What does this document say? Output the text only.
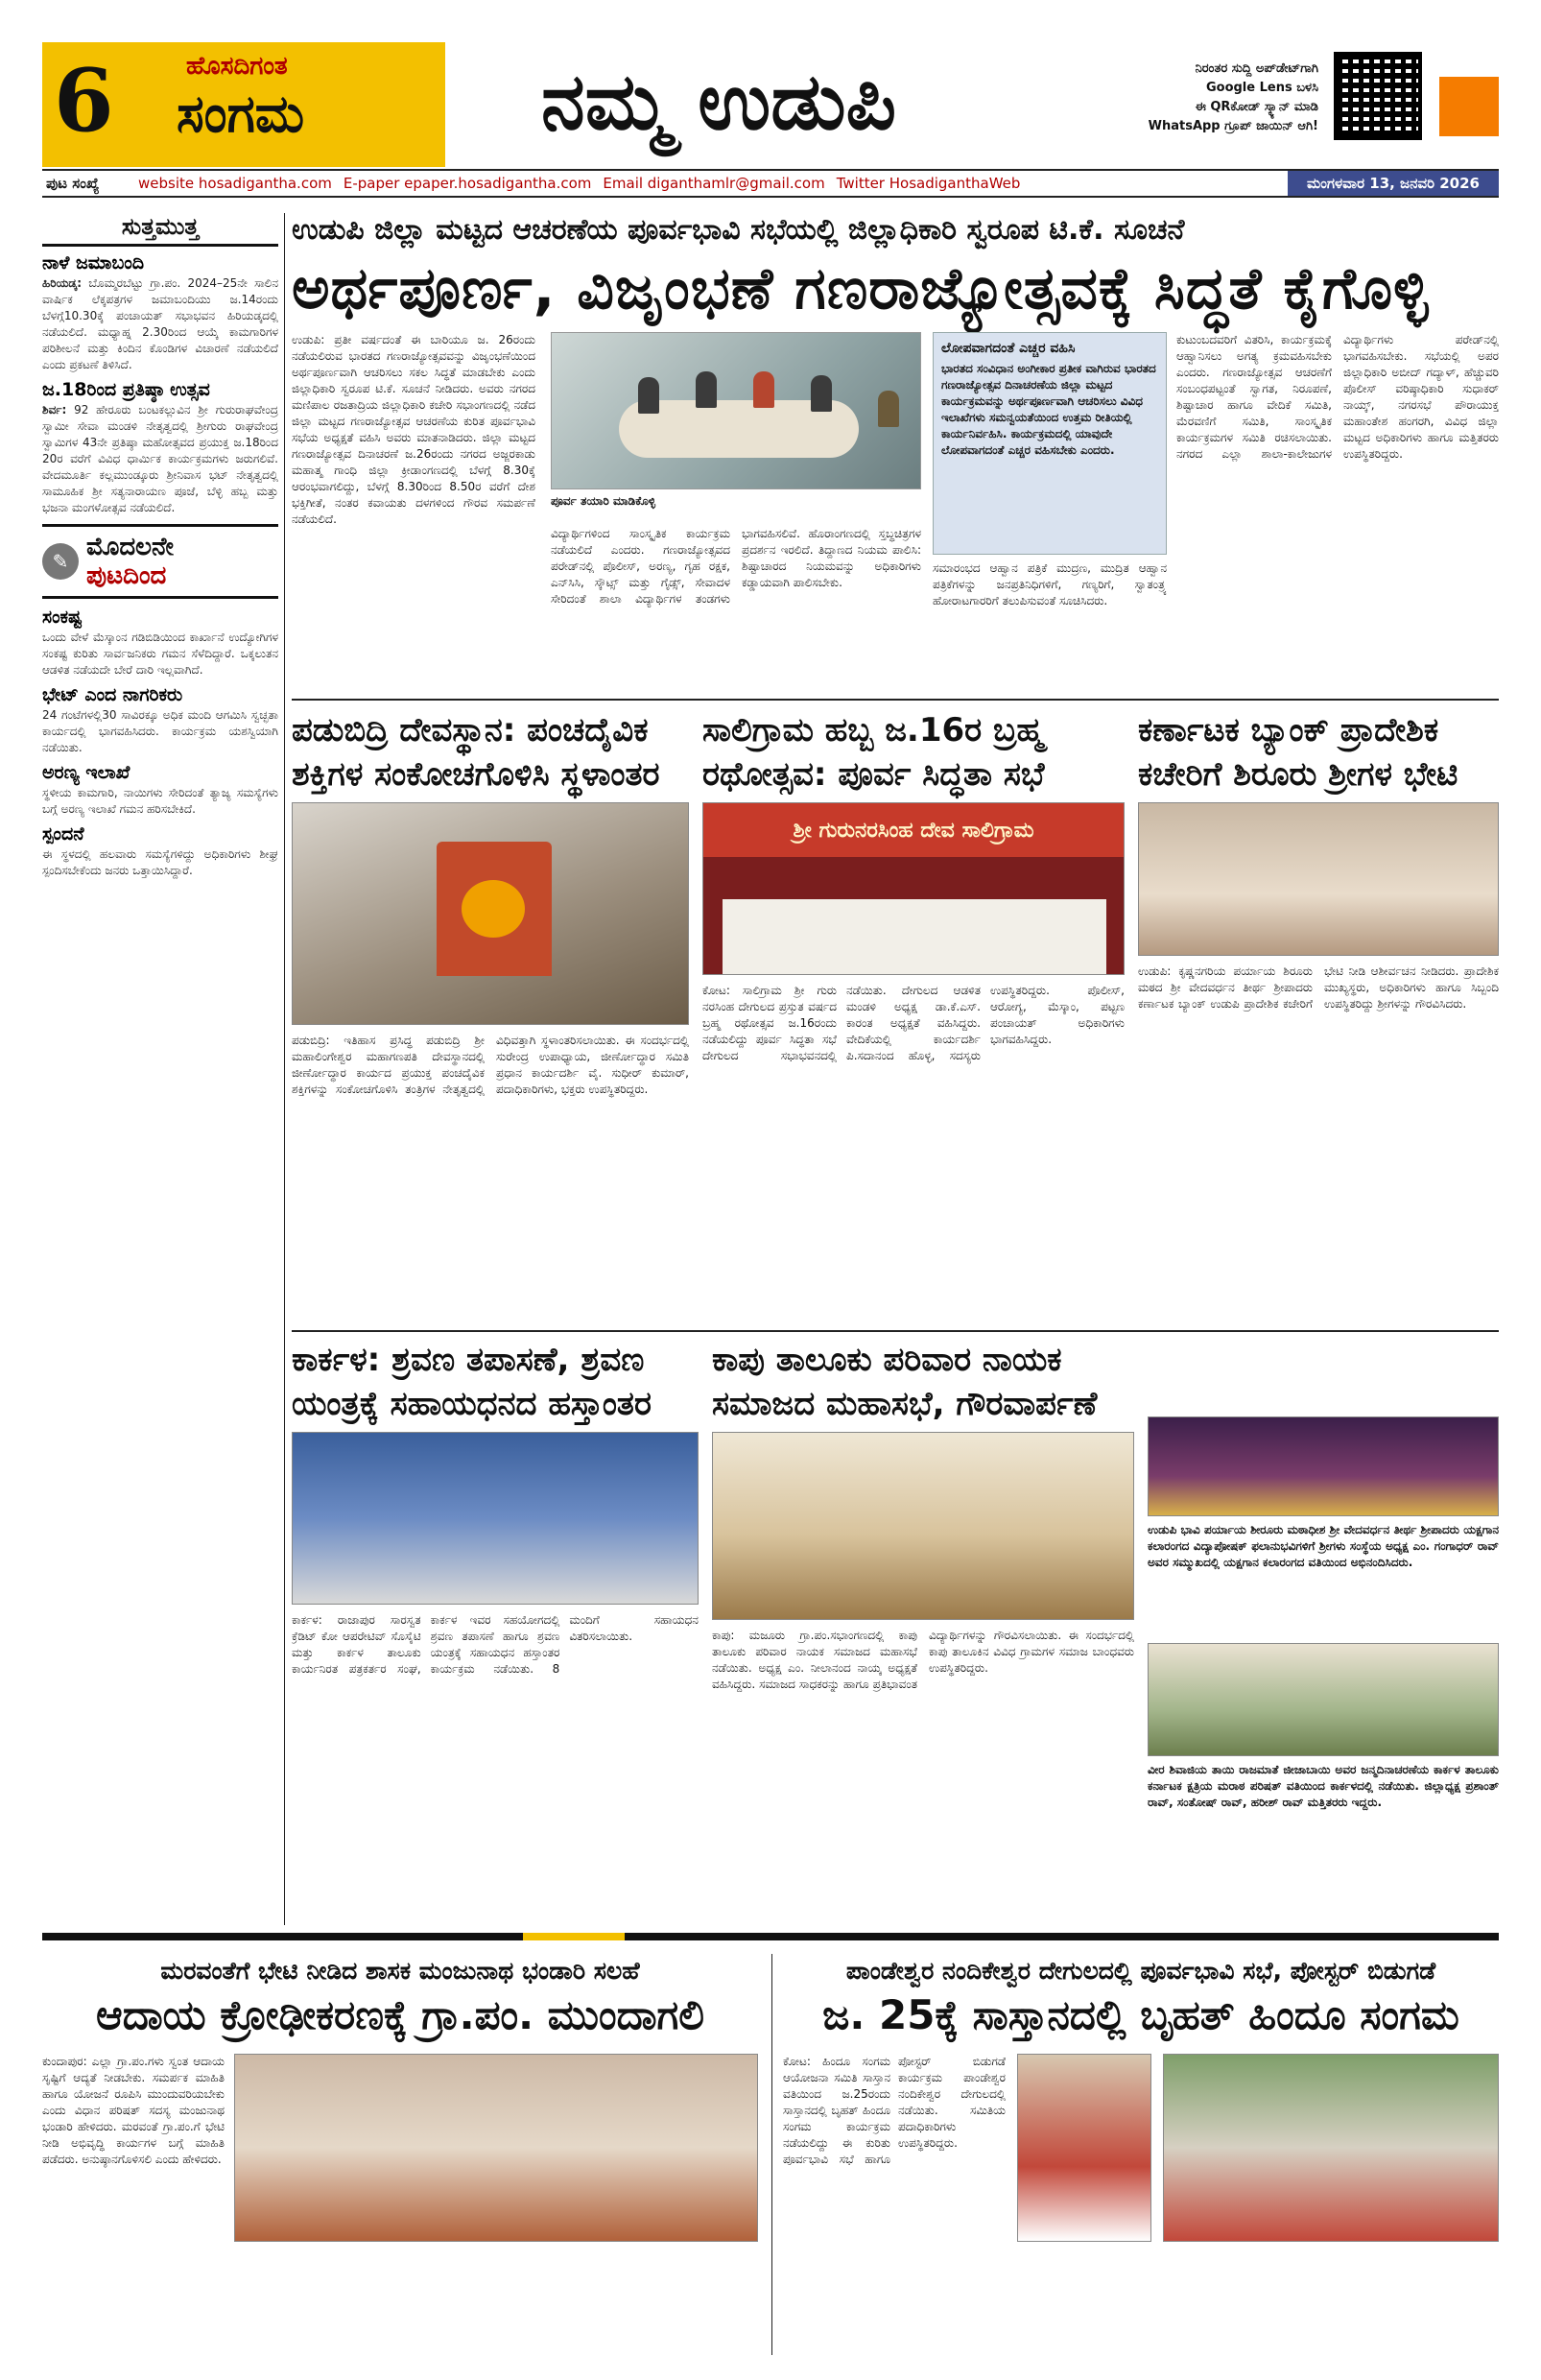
6	ಹೊಸದಿಗಂತ
ಸಂಗಮ	ನಮ್ಮ ಉಡುಪಿ	ನಿರಂತರ ಸುದ್ದಿ ಅಪ್‌ಡೇಟ್‌ಗಾಗಿ
Google Lens ಬಳಸಿ
ಈ QRಕೋಡ್ ಸ್ಕ್ಯಾನ್ ಮಾಡಿ
WhatsApp ಗ್ರೂಪ್ ಜಾಯಿನ್ ಆಗಿ!
ಪುಟ ಸಂಖ್ಯೆ	website hosadigantha.com E-paper epaper.hosadigantha.com Email diganthamlr@gmail.com Twitter HosadiganthaWeb	ಮಂಗಳವಾರ 13, ಜನವರಿ 2026
ಸುತ್ತಮುತ್ತ
ನಾಳೆ ಜಮಾಬಂದಿ

ಹಿರಿಯಡ್ಕ: ಬೊಮ್ಮರಬೆಟ್ಟು ಗ್ರಾ.ಪಂ. 2024–25ನೇ ಸಾಲಿನ ವಾರ್ಷಿಕ ಲೆಕ್ಕಪತ್ರಗಳ ಜಮಾಬಂದಿಯು ಜ.14ರಂದು ಬೆಳಗ್ಗೆ10.30ಕ್ಕೆ ಪಂಚಾಯತ್ ಸಭಾಭವನ ಹಿರಿಯಡ್ಕದಲ್ಲಿ ನಡೆಯಲಿದೆ. ಮಧ್ಯಾಹ್ನ 2.30ರಿಂದ ಆಯ್ಕೆ ಕಾಮಗಾರಿಗಳ ಪರಿಶೀಲನೆ ಮತ್ತು ಕಿಂದಿನ ಕೊಂಡಿಗಳ ವಿಚಾರಣೆ ನಡೆಯಲಿದೆ ಎಂದು ಪ್ರಕಟಣೆ ತಿಳಿಸಿದೆ.

ಜ.18ರಿಂದ ಪ್ರತಿಷ್ಠಾ ಉತ್ಸವ

ಶಿರ್ವ: 92 ಹೇರೂರು ಬಂಟಕಲ್ಲುವಿನ ಶ್ರೀ ಗುರುರಾಘವೇಂದ್ರ ಸ್ವಾಮೀ ಸೇವಾ ಮಂಡಳಿ ನೇತೃತ್ವದಲ್ಲಿ ಶ್ರೀಗುರು ರಾಘವೇಂದ್ರ ಸ್ವಾಮಿಗಳ 43ನೇ ಪ್ರತಿಷ್ಠಾ ಮಹೋತ್ಸವದ ಪ್ರಯುಕ್ತ ಜ.18ರಿಂದ 20ರ ವರೆಗೆ ವಿವಿಧ ಧಾರ್ಮಿಕ ಕಾರ್ಯಕ್ರಮಗಳು ಜರುಗಲಿವೆ. ವೇದಮೂರ್ತಿ ಕಲ್ಲಮುಂಡ್ಕೂರು ಶ್ರೀನಿವಾಸ ಭಟ್ ನೇತೃತ್ವದಲ್ಲಿ ಸಾಮೂಹಿಕ ಶ್ರೀ ಸತ್ಯನಾರಾಯಣ ಪೂಜೆ, ಬೆಳ್ಳಿ ಹಬ್ಬ ಮತ್ತು ಭಜನಾ ಮಂಗಳೋತ್ಸವ ನಡೆಯಲಿದೆ.

✎ ಮೊದಲನೇ
ಪುಟದಿಂದ
ಸಂಕಷ್ಟ

ಒಂದು ವೇಳೆ ಮೆಸ್ಕಾಂನ ಗಡಿಬಿಡಿಯಿಂದ ಕಾರ್ಖಾನೆ ಉದ್ಯೋಗಿಗಳ ಸಂಕಷ್ಟ ಕುರಿತು ಸಾರ್ವಜನಿಕರು ಗಮನ ಸೆಳೆದಿದ್ದಾರೆ. ಒಕ್ಕಲುತನ ಆಡಳಿತ ನಡೆಯದೇ ಬೇರೆ ದಾರಿ ಇಲ್ಲವಾಗಿದೆ.

ಭೇಟ್ ಎಂದ ನಾಗರಿಕರು

24 ಗಂಟೆಗಳಲ್ಲಿ30 ಸಾವಿರಕ್ಕೂ ಅಧಿಕ ಮಂದಿ ಆಗಮಿಸಿ ಸ್ವಚ್ಛತಾ ಕಾರ್ಯದಲ್ಲಿ ಭಾಗವಹಿಸಿದರು. ಕಾರ್ಯಕ್ರಮ ಯಶಸ್ವಿಯಾಗಿ ನಡೆಯಿತು.

ಅರಣ್ಯ ಇಲಾಖೆ

ಸ್ಥಳೀಯ ಕಾಮಗಾರಿ, ನಾಯಿಗಳು ಸೇರಿದಂತೆ ತ್ಯಾಜ್ಯ ಸಮಸ್ಯೆಗಳು ಬಗ್ಗೆ ಅರಣ್ಯ ಇಲಾಖೆ ಗಮನ ಹರಿಸಬೇಕಿದೆ.

ಸ್ಪಂದನೆ

ಈ ಸ್ಥಳದಲ್ಲಿ ಹಲವಾರು ಸಮಸ್ಯೆಗಳಿದ್ದು ಅಧಿಕಾರಿಗಳು ಶೀಘ್ರ ಸ್ಪಂದಿಸಬೇಕೆಂದು ಜನರು ಒತ್ತಾಯಿಸಿದ್ದಾರೆ.

ಉಡುಪಿ ಜಿಲ್ಲಾ ಮಟ್ಟದ ಆಚರಣೆಯ ಪೂರ್ವಭಾವಿ ಸಭೆಯಲ್ಲಿ ಜಿಲ್ಲಾಧಿಕಾರಿ ಸ್ವರೂಪ ಟಿ.ಕೆ. ಸೂಚನೆ
ಅರ್ಥಪೂರ್ಣ, ವಿಜೃಂಭಣೆ ಗಣರಾಜ್ಯೋತ್ಸವಕ್ಕೆ ಸಿದ್ಧತೆ ಕೈಗೊಳ್ಳಿ
ಉಡುಪಿ: ಪ್ರತೀ ವರ್ಷದಂತೆ ಈ ಬಾರಿಯೂ ಜ. 26ರಂದು ನಡೆಯಲಿರುವ ಭಾರತದ ಗಣರಾಜ್ಯೋತ್ಸವವನ್ನು ವಿಜೃಂಭಣೆಯಿಂದ ಅರ್ಥಪೂರ್ಣವಾಗಿ ಆಚರಿಸಲು ಸಕಲ ಸಿದ್ಧತೆ ಮಾಡಬೇಕು ಎಂದು ಜಿಲ್ಲಾಧಿಕಾರಿ ಸ್ವರೂಪ ಟಿ.ಕೆ. ಸೂಚನೆ ನೀಡಿದರು. ಅವರು ನಗರದ ಮಣಿಪಾಲ ರಜತಾದ್ರಿಯ ಜಿಲ್ಲಾಧಿಕಾರಿ ಕಚೇರಿ ಸಭಾಂಗಣದಲ್ಲಿ ನಡೆದ ಜಿಲ್ಲಾ ಮಟ್ಟದ ಗಣರಾಜ್ಯೋತ್ಸವ ಆಚರಣೆಯ ಕುರಿತ ಪೂರ್ವಭಾವಿ ಸಭೆಯ ಅಧ್ಯಕ್ಷತೆ ವಹಿಸಿ ಅವರು ಮಾತನಾಡಿದರು. ಜಿಲ್ಲಾ ಮಟ್ಟದ ಗಣರಾಜ್ಯೋತ್ಸವ ದಿನಾಚರಣೆ ಜ.26ರಂದು ನಗರದ ಅಜ್ಜರಕಾಡು ಮಹಾತ್ಮ ಗಾಂಧಿ ಜಿಲ್ಲಾ ಕ್ರೀಡಾಂಗಣದಲ್ಲಿ ಬೆಳಗ್ಗೆ 8.30ಕ್ಕೆ ಆರಂಭವಾಗಲಿದ್ದು, ಬೆಳಗ್ಗೆ 8.30ರಿಂದ 8.50ರ ವರೆಗೆ ದೇಶ ಭಕ್ತಿಗೀತೆ, ನಂತರ ಕವಾಯತು ದಳಗಳಿಂದ ಗೌರವ ಸಮರ್ಪಣೆ ನಡೆಯಲಿದೆ.
ಪೂರ್ವ ತಯಾರಿ ಮಾಡಿಕೊಳ್ಳಿ
ವಿದ್ಯಾರ್ಥಿಗಳಿಂದ ಸಾಂಸ್ಕೃತಿಕ ಕಾರ್ಯಕ್ರಮ ನಡೆಯಲಿದೆ ಎಂದರು. ಗಣರಾಜ್ಯೋತ್ಸವದ ಪರೇಡ್‌ನಲ್ಲಿ ಪೊಲೀಸ್, ಅರಣ್ಯ, ಗೃಹ ರಕ್ಷಕ, ಎನ್‌ಸಿಸಿ, ಸ್ಕೌಟ್ಸ್ ಮತ್ತು ಗೈಡ್ಸ್, ಸೇವಾದಳ ಸೇರಿದಂತೆ ಶಾಲಾ ವಿದ್ಯಾರ್ಥಿಗಳ ತಂಡಗಳು ಭಾಗವಹಿಸಲಿವೆ. ಹೊರಾಂಗಣದಲ್ಲಿ ಸ್ತಬ್ಧಚಿತ್ರಗಳ ಪ್ರದರ್ಶನ ಇರಲಿದೆ. ತಿದ್ದಾಣದ ನಿಯಮ ಪಾಲಿಸಿ: ಶಿಷ್ಟಾಚಾರದ ನಿಯಮವನ್ನು ಅಧಿಕಾರಿಗಳು ಕಡ್ಡಾಯವಾಗಿ ಪಾಲಿಸಬೇಕು.
ಲೋಪವಾಗದಂತೆ ಎಚ್ಚರ ವಹಿಸಿ
ಭಾರತದ ಸಂವಿಧಾನ ಅಂಗೀಕಾರ ಪ್ರತೀಕ ವಾಗಿರುವ ಭಾರತದ ಗಣರಾಜ್ಯೋತ್ಸವ ದಿನಾಚರಣೆಯ ಜಿಲ್ಲಾ ಮಟ್ಟದ ಕಾರ್ಯಕ್ರಮವನ್ನು ಅರ್ಥಪೂರ್ಣವಾಗಿ ಆಚರಿಸಲು ವಿವಿಧ ಇಲಾಖೆಗಳು ಸಮನ್ವಯತೆಯಿಂದ ಉತ್ತಮ ರೀತಿಯಲ್ಲಿ ಕಾರ್ಯನಿರ್ವಹಿಸಿ. ಕಾರ್ಯಕ್ರಮದಲ್ಲಿ ಯಾವುದೇ ಲೋಪವಾಗದಂತೆ ಎಚ್ಚರ ವಹಿಸಬೇಕು ಎಂದರು.
ಸಮಾರಂಭದ ಆಹ್ವಾನ ಪತ್ರಿಕೆ ಮುದ್ರಣ, ಮುದ್ರಿತ ಆಹ್ವಾನ ಪತ್ರಿಕೆಗಳನ್ನು ಜನಪ್ರತಿನಿಧಿಗಳಿಗೆ, ಗಣ್ಯರಿಗೆ, ಸ್ವಾತಂತ್ರ್ಯ ಹೋರಾಟಗಾರರಿಗೆ ತಲುಪಿಸುವಂತೆ ಸೂಚಿಸಿದರು.
ಕುಟುಂಬದವರಿಗೆ ವಿತರಿಸಿ, ಕಾರ್ಯಕ್ರಮಕ್ಕೆ ಆಹ್ವಾನಿಸಲು ಅಗತ್ಯ ಕ್ರಮವಹಿಸಬೇಕು ಎಂದರು. ಗಣರಾಜ್ಯೋತ್ಸವ ಆಚರಣೆಗೆ ಸಂಬಂಧಪಟ್ಟಂತೆ ಸ್ವಾಗತ, ನಿರೂಪಣೆ, ಶಿಷ್ಟಾಚಾರ ಹಾಗೂ ವೇದಿಕೆ ಸಮಿತಿ, ಮೆರವಣಿಗೆ ಸಮಿತಿ, ಸಾಂಸ್ಕೃತಿಕ ಕಾರ್ಯಕ್ರಮಗಳ ಸಮಿತಿ ರಚಿಸಲಾಯಿತು. ನಗರದ ಎಲ್ಲಾ ಶಾಲಾ-ಕಾಲೇಜುಗಳ ವಿದ್ಯಾರ್ಥಿಗಳು ಪರೇಡ್‌ನಲ್ಲಿ ಭಾಗವಹಿಸಬೇಕು. ಸಭೆಯಲ್ಲಿ ಅಪರ ಜಿಲ್ಲಾಧಿಕಾರಿ ಅಬೀದ್ ಗದ್ಯಾಳ್, ಹೆಚ್ಚುವರಿ ಪೊಲೀಸ್ ವರಿಷ್ಠಾಧಿಕಾರಿ ಸುಧಾಕರ್ ನಾಯ್ಕ್, ನಗರಸಭೆ ಪೌರಾಯುಕ್ತ ಮಹಾಂತೇಶ ಹಂಗರಗಿ, ವಿವಿಧ ಜಿಲ್ಲಾ ಮಟ್ಟದ ಅಧಿಕಾರಿಗಳು ಹಾಗೂ ಮತ್ತಿತರರು ಉಪಸ್ಥಿತರಿದ್ದರು.
ಪಡುಬಿದ್ರಿ ದೇವಸ್ಥಾನ: ಪಂಚದೈವಿಕ ಶಕ್ತಿಗಳ ಸಂಕೋಚಗೊಳಿಸಿ ಸ್ಥಳಾಂತರ
ಪಡುಬಿದ್ರಿ: ಇತಿಹಾಸ ಪ್ರಸಿದ್ಧ ಪಡುಬಿದ್ರಿ ಶ್ರೀ ಮಹಾಲಿಂಗೇಶ್ವರ ಮಹಾಗಣಪತಿ ದೇವಸ್ಥಾನದಲ್ಲಿ ಜೀರ್ಣೋದ್ಧಾರ ಕಾರ್ಯದ ಪ್ರಯುಕ್ತ ಪಂಚದೈವಿಕ ಶಕ್ತಿಗಳನ್ನು ಸಂಕೋಚಗೊಳಿಸಿ ತಂತ್ರಿಗಳ ನೇತೃತ್ವದಲ್ಲಿ ವಿಧಿವತ್ತಾಗಿ ಸ್ಥಳಾಂತರಿಸಲಾಯಿತು. ಈ ಸಂದರ್ಭದಲ್ಲಿ ಸುರೇಂದ್ರ ಉಪಾಧ್ಯಾಯ, ಜೀರ್ಣೋದ್ಧಾರ ಸಮಿತಿ ಪ್ರಧಾನ ಕಾರ್ಯದರ್ಶಿ ವೈ. ಸುಧೀರ್ ಕುಮಾರ್, ಪದಾಧಿಕಾರಿಗಳು, ಭಕ್ತರು ಉಪಸ್ಥಿತರಿದ್ದರು.
ಸಾಲಿಗ್ರಾಮ ಹಬ್ಬ ಜ.16ರ ಬ್ರಹ್ಮ ರಥೋತ್ಸವ: ಪೂರ್ವ ಸಿದ್ಧತಾ ಸಭೆ
ಶ್ರೀ ಗುರುನರಸಿಂಹ ದೇವ ಸಾಲಿಗ್ರಾಮ
ಕೋಟ: ಸಾಲಿಗ್ರಾಮ ಶ್ರೀ ಗುರು ನರಸಿಂಹ ದೇಗುಲದ ಪ್ರಸ್ತುತ ವರ್ಷದ ಬ್ರಹ್ಮ ರಥೋತ್ಸವ ಜ.16ರಂದು ನಡೆಯಲಿದ್ದು ಪೂರ್ವ ಸಿದ್ಧತಾ ಸಭೆ ದೇಗುಲದ ಸಭಾಭವನದಲ್ಲಿ ನಡೆಯಿತು. ದೇಗುಲದ ಆಡಳಿತ ಮಂಡಳಿ ಅಧ್ಯಕ್ಷ ಡಾ.ಕೆ.ಎಸ್. ಕಾರಂತ ಅಧ್ಯಕ್ಷತೆ ವಹಿಸಿದ್ದರು. ವೇದಿಕೆಯಲ್ಲಿ ಕಾರ್ಯದರ್ಶಿ ಪಿ.ಸದಾನಂದ ಹೊಳ್ಳ, ಸದಸ್ಯರು ಉಪಸ್ಥಿತರಿದ್ದರು. ಪೊಲೀಸ್, ಆರೋಗ್ಯ, ಮೆಸ್ಕಾಂ, ಪಟ್ಟಣ ಪಂಚಾಯತ್ ಅಧಿಕಾರಿಗಳು ಭಾಗವಹಿಸಿದ್ದರು.
ಕರ್ಣಾಟಕ ಬ್ಯಾಂಕ್ ಪ್ರಾದೇಶಿಕ ಕಚೇರಿಗೆ ಶಿರೂರು ಶ್ರೀಗಳ ಭೇಟಿ
ಉಡುಪಿ: ಕೃಷ್ಣನಗರಿಯ ಪರ್ಯಾಯ ಶಿರೂರು ಮಠದ ಶ್ರೀ ವೇದವರ್ಧನ ತೀರ್ಥ ಶ್ರೀಪಾದರು ಕರ್ಣಾಟಕ ಬ್ಯಾಂಕ್ ಉಡುಪಿ ಪ್ರಾದೇಶಿಕ ಕಚೇರಿಗೆ ಭೇಟಿ ನೀಡಿ ಆಶೀರ್ವಚನ ನೀಡಿದರು. ಪ್ರಾದೇಶಿಕ ಮುಖ್ಯಸ್ಥರು, ಅಧಿಕಾರಿಗಳು ಹಾಗೂ ಸಿಬ್ಬಂದಿ ಉಪಸ್ಥಿತರಿದ್ದು ಶ್ರೀಗಳನ್ನು ಗೌರವಿಸಿದರು.
ಕಾರ್ಕಳ: ಶ್ರವಣ ತಪಾಸಣೆ, ಶ್ರವಣ ಯಂತ್ರಕ್ಕೆ ಸಹಾಯಧನದ ಹಸ್ತಾಂತರ
ಕಾರ್ಕಳ: ರಾಜಾಪುರ ಸಾರಸ್ವತ ಕ್ರೆಡಿಟ್ ಕೋ ಆಪರೇಟಿವ್ ಸೊಸೈಟಿ ಮತ್ತು ಕಾರ್ಕಳ ತಾಲೂಕು ಕಾರ್ಯನಿರತ ಪತ್ರಕರ್ತರ ಸಂಘ, ಕಾರ್ಕಳ ಇವರ ಸಹಯೋಗದಲ್ಲಿ ಶ್ರವಣ ತಪಾಸಣೆ ಹಾಗೂ ಶ್ರವಣ ಯಂತ್ರಕ್ಕೆ ಸಹಾಯಧನ ಹಸ್ತಾಂತರ ಕಾರ್ಯಕ್ರಮ ನಡೆಯಿತು. 8 ಮಂದಿಗೆ ಸಹಾಯಧನ ವಿತರಿಸಲಾಯಿತು.
ಕಾಪು ತಾಲೂಕು ಪರಿವಾರ ನಾಯಕ ಸಮಾಜದ ಮಹಾಸಭೆ, ಗೌರವಾರ್ಪಣೆ
ಕಾಪು: ಮಜೂರು ಗ್ರಾ.ಪಂ.ಸಭಾಂಗಣದಲ್ಲಿ ಕಾಪು ತಾಲೂಕು ಪರಿವಾರ ನಾಯಕ ಸಮಾಜದ ಮಹಾಸಭೆ ನಡೆಯಿತು. ಅಧ್ಯಕ್ಷ ಎಂ. ನೀಲಾನಂದ ನಾಯ್ಕ ಅಧ್ಯಕ್ಷತೆ ವಹಿಸಿದ್ದರು. ಸಮಾಜದ ಸಾಧಕರನ್ನು ಹಾಗೂ ಪ್ರತಿಭಾವಂತ ವಿದ್ಯಾರ್ಥಿಗಳನ್ನು ಗೌರವಿಸಲಾಯಿತು. ಈ ಸಂದರ್ಭದಲ್ಲಿ ಕಾಪು ತಾಲೂಕಿನ ವಿವಿಧ ಗ್ರಾಮಗಳ ಸಮಾಜ ಬಾಂಧವರು ಉಪಸ್ಥಿತರಿದ್ದರು.
ಉಡುಪಿ ಭಾವಿ ಪರ್ಯಾಯ ಶೀರೂರು ಮಠಾಧೀಶ ಶ್ರೀ ವೇದವರ್ಧನ ತೀರ್ಥ ಶ್ರೀಪಾದರು ಯಕ್ಷಗಾನ ಕಲಾರಂಗದ ವಿದ್ಯಾಪೋಷಕ್ ಫಲಾನುಭವಿಗಳಿಗೆ ಶ್ರೀಗಳು ಸಂಸ್ಥೆಯ ಅಧ್ಯಕ್ಷ ಎಂ. ಗಂಗಾಧರ್ ರಾವ್ ಅವರ ಸಮ್ಮುಖದಲ್ಲಿ ಯಕ್ಷಗಾನ ಕಲಾರಂಗದ ವತಿಯಿಂದ ಅಭಿನಂದಿಸಿದರು.
ವೀರ ಶಿವಾಜಿಯ ತಾಯಿ ರಾಜಮಾತೆ ಜೀಜಾಬಾಯಿ ಅವರ ಜನ್ಮದಿನಾಚರಣೆಯ ಕಾರ್ಕಳ ತಾಲೂಕು ಕರ್ನಾಟಕ ಕ್ಷತ್ರಿಯ ಮರಾಠ ಪರಿಷತ್ ವತಿಯಿಂದ ಕಾರ್ಕಳದಲ್ಲಿ ನಡೆಯಿತು. ಜಿಲ್ಲಾಧ್ಯಕ್ಷ ಪ್ರಶಾಂತ್ ರಾವ್, ಸಂತೋಷ್ ರಾವ್, ಹರೀಶ್ ರಾವ್ ಮತ್ತಿತರರು ಇದ್ದರು.
ಮರವಂತೆಗೆ ಭೇಟಿ ನೀಡಿದ ಶಾಸಕ ಮಂಜುನಾಥ ಭಂಡಾರಿ ಸಲಹೆ
ಆದಾಯ ಕ್ರೋಢೀಕರಣಕ್ಕೆ ಗ್ರಾ.ಪಂ. ಮುಂದಾಗಲಿ
ಕುಂದಾಪುರ: ಎಲ್ಲಾ ಗ್ರಾ.ಪಂ.ಗಳು ಸ್ವಂತ ಆದಾಯ ಸೃಷ್ಟಿಗೆ ಆದ್ಯತೆ ನೀಡಬೇಕು. ಸಮರ್ಪಕ ಮಾಹಿತಿ ಹಾಗೂ ಯೋಜನೆ ರೂಪಿಸಿ ಮುಂದುವರಿಯಬೇಕು ಎಂದು ವಿಧಾನ ಪರಿಷತ್ ಸದಸ್ಯ ಮಂಜುನಾಥ ಭಂಡಾರಿ ಹೇಳಿದರು. ಮರವಂತೆ ಗ್ರಾ.ಪಂ.ಗೆ ಭೇಟಿ ನೀಡಿ ಅಭಿವೃದ್ಧಿ ಕಾರ್ಯಗಳ ಬಗ್ಗೆ ಮಾಹಿತಿ ಪಡೆದರು. ಅನುಷ್ಠಾನಗೊಳಿಸಲಿ ಎಂದು ಹೇಳಿದರು.
ಪಾಂಡೇಶ್ವರ ನಂದಿಕೇಶ್ವರ ದೇಗುಲದಲ್ಲಿ ಪೂರ್ವಭಾವಿ ಸಭೆ, ಪೋಸ್ಟರ್ ಬಿಡುಗಡೆ
ಜ. 25ಕ್ಕೆ ಸಾಸ್ತಾನದಲ್ಲಿ ಬೃಹತ್ ಹಿಂದೂ ಸಂಗಮ
ಕೋಟ: ಹಿಂದೂ ಸಂಗಮ ಆಯೋಜನಾ ಸಮಿತಿ ಸಾಸ್ತಾನ ವತಿಯಿಂದ ಜ.25ರಂದು ಸಾಸ್ತಾನದಲ್ಲಿ ಬೃಹತ್ ಹಿಂದೂ ಸಂಗಮ ಕಾರ್ಯಕ್ರಮ ನಡೆಯಲಿದ್ದು ಈ ಕುರಿತು ಪೂರ್ವಭಾವಿ ಸಭೆ ಹಾಗೂ ಪೋಸ್ಟರ್ ಬಿಡುಗಡೆ ಕಾರ್ಯಕ್ರಮ ಪಾಂಡೇಶ್ವರ ನಂದಿಕೇಶ್ವರ ದೇಗುಲದಲ್ಲಿ ನಡೆಯಿತು. ಸಮಿತಿಯ ಪದಾಧಿಕಾರಿಗಳು ಉಪಸ್ಥಿತರಿದ್ದರು.
